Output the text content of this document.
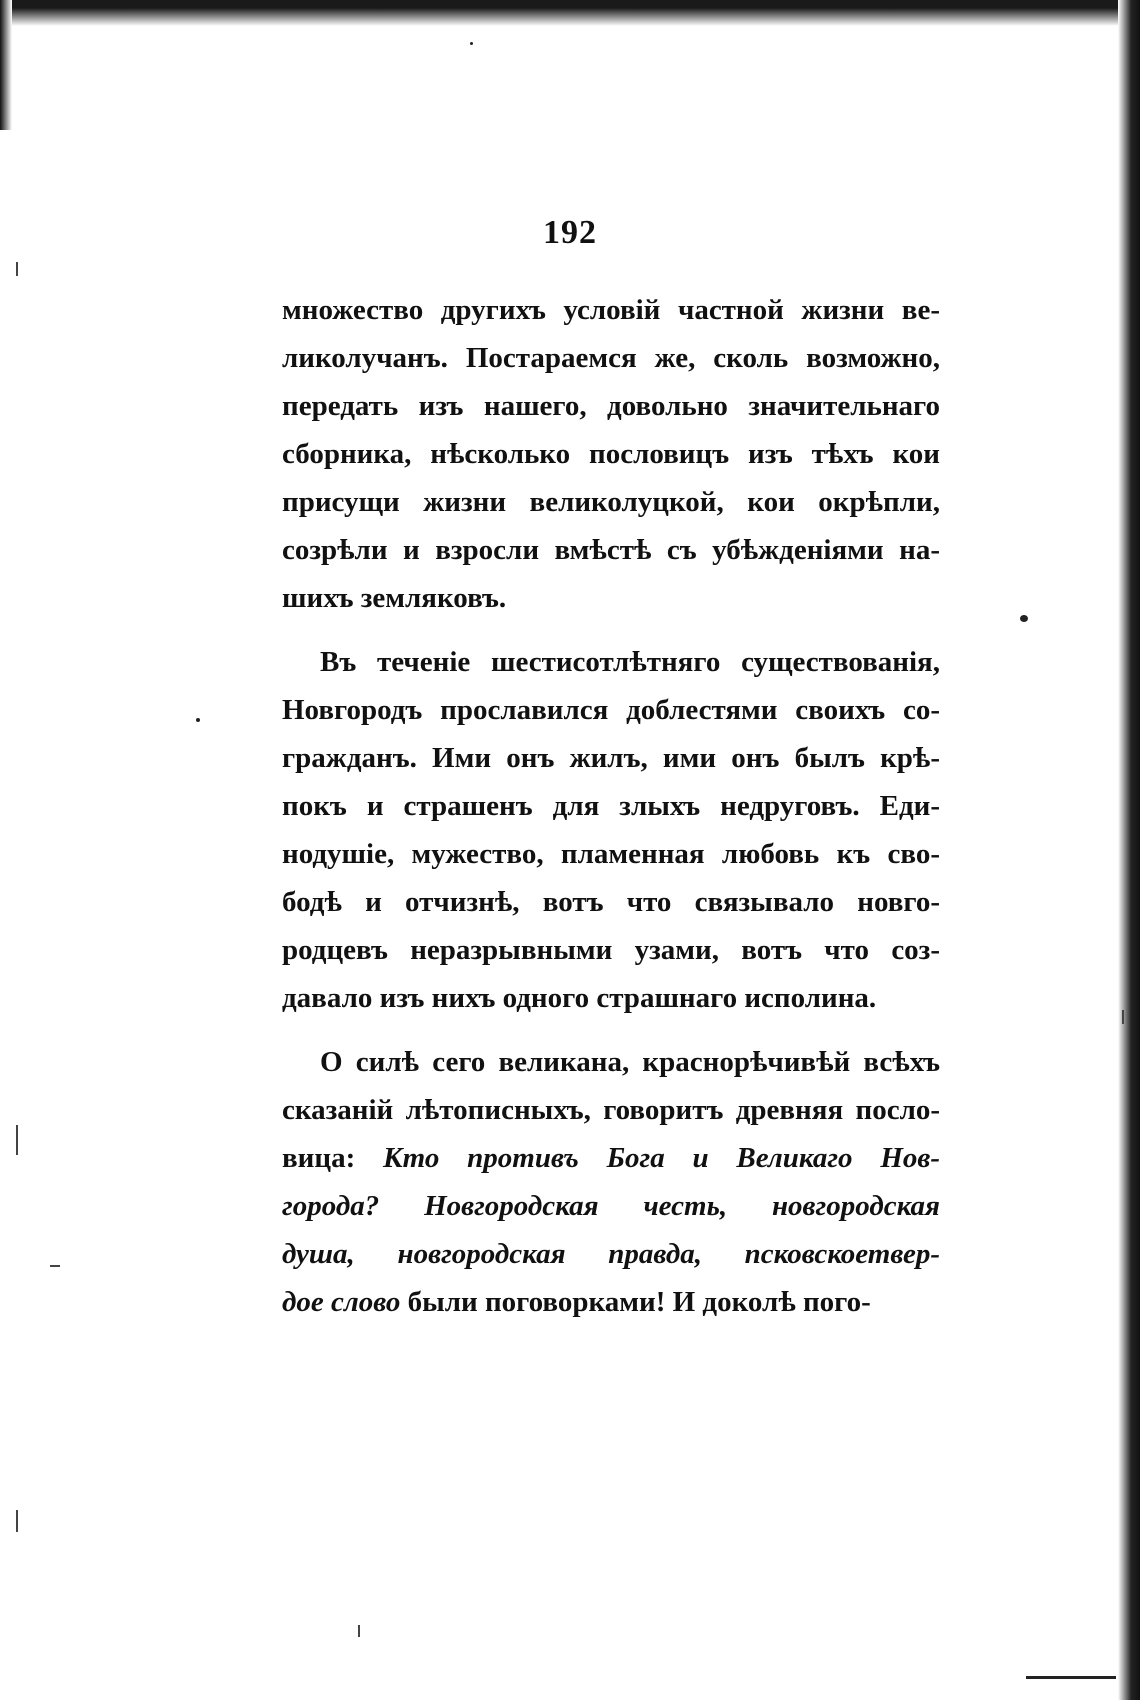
192
множество другихъ условій частной жизни ве-
ликолучанъ. Постараемся же, сколь возможно,
передать изъ нашего, довольно значительнаго
сборника, нѣсколько пословицъ изъ тѣхъ кои
присущи жизни великолуцкой, кои окрѣпли,
созрѣли и взросли вмѣстѣ съ убѣжденіями на-
шихъ земляковъ.
Въ теченіе шестисотлѣтняго существованія,
Новгородъ прославился доблестями своихъ со-
гражданъ. Ими онъ жилъ, ими онъ былъ крѣ-
покъ и страшенъ для злыхъ недруговъ. Еди-
нодушіе, мужество, пламенная любовь къ сво-
бодѣ и отчизнѣ, вотъ что связывало новго-
родцевъ неразрывными узами, вотъ что соз-
давало изъ нихъ одного страшнаго исполина.
О силѣ сего великана, краснорѣчивѣй всѣхъ
сказаній лѣтописныхъ, говоритъ древняя посло-
вица: Кто противъ Бога и Великаго Нов-
города? Новгородская честь, новгородская
душа, новгородская правда, псковскоетвер-
дое слово были поговорками! И доколѣ пого-
